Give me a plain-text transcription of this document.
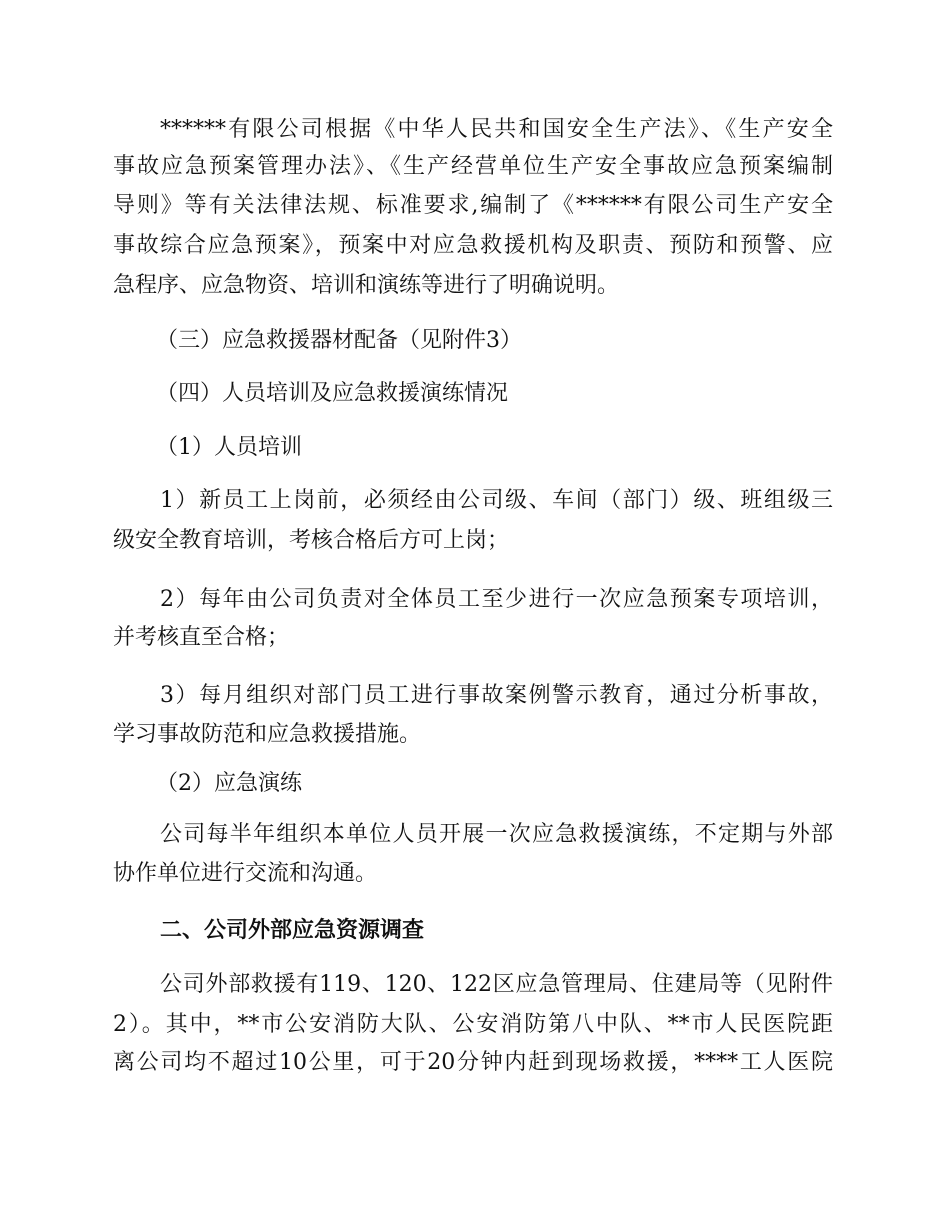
******有限公司根据《中华人民共和国安全生产法》、《生产安全
事故应急预案管理办法》、《生产经营单位生产安全事故应急预案编制
导则》等有关法律法规、标准要求,编制了《******有限公司生产安全
事故综合应急预案》，预案中对应急救援机构及职责、预防和预警、应
急程序、应急物资、培训和演练等进行了明确说明。
（三）应急救援器材配备（见附件3）
（四）人员培训及应急救援演练情况
（1）人员培训
1）新员工上岗前，必须经由公司级、车间（部门）级、班组级三
级安全教育培训，考核合格后方可上岗；
2）每年由公司负责对全体员工至少进行一次应急预案专项培训，
并考核直至合格；
3）每月组织对部门员工进行事故案例警示教育，通过分析事故，
学习事故防范和应急救援措施。
（2）应急演练
公司每半年组织本单位人员开展一次应急救援演练，不定期与外部
协作单位进行交流和沟通。
二、公司外部应急资源调查
公司外部救援有119、120、122区应急管理局、住建局等（见附件
2）。其中，**市公安消防大队、公安消防第八中队、**市人民医院距
离公司均不超过10公里，可于20分钟内赶到现场救援，****工人医院
